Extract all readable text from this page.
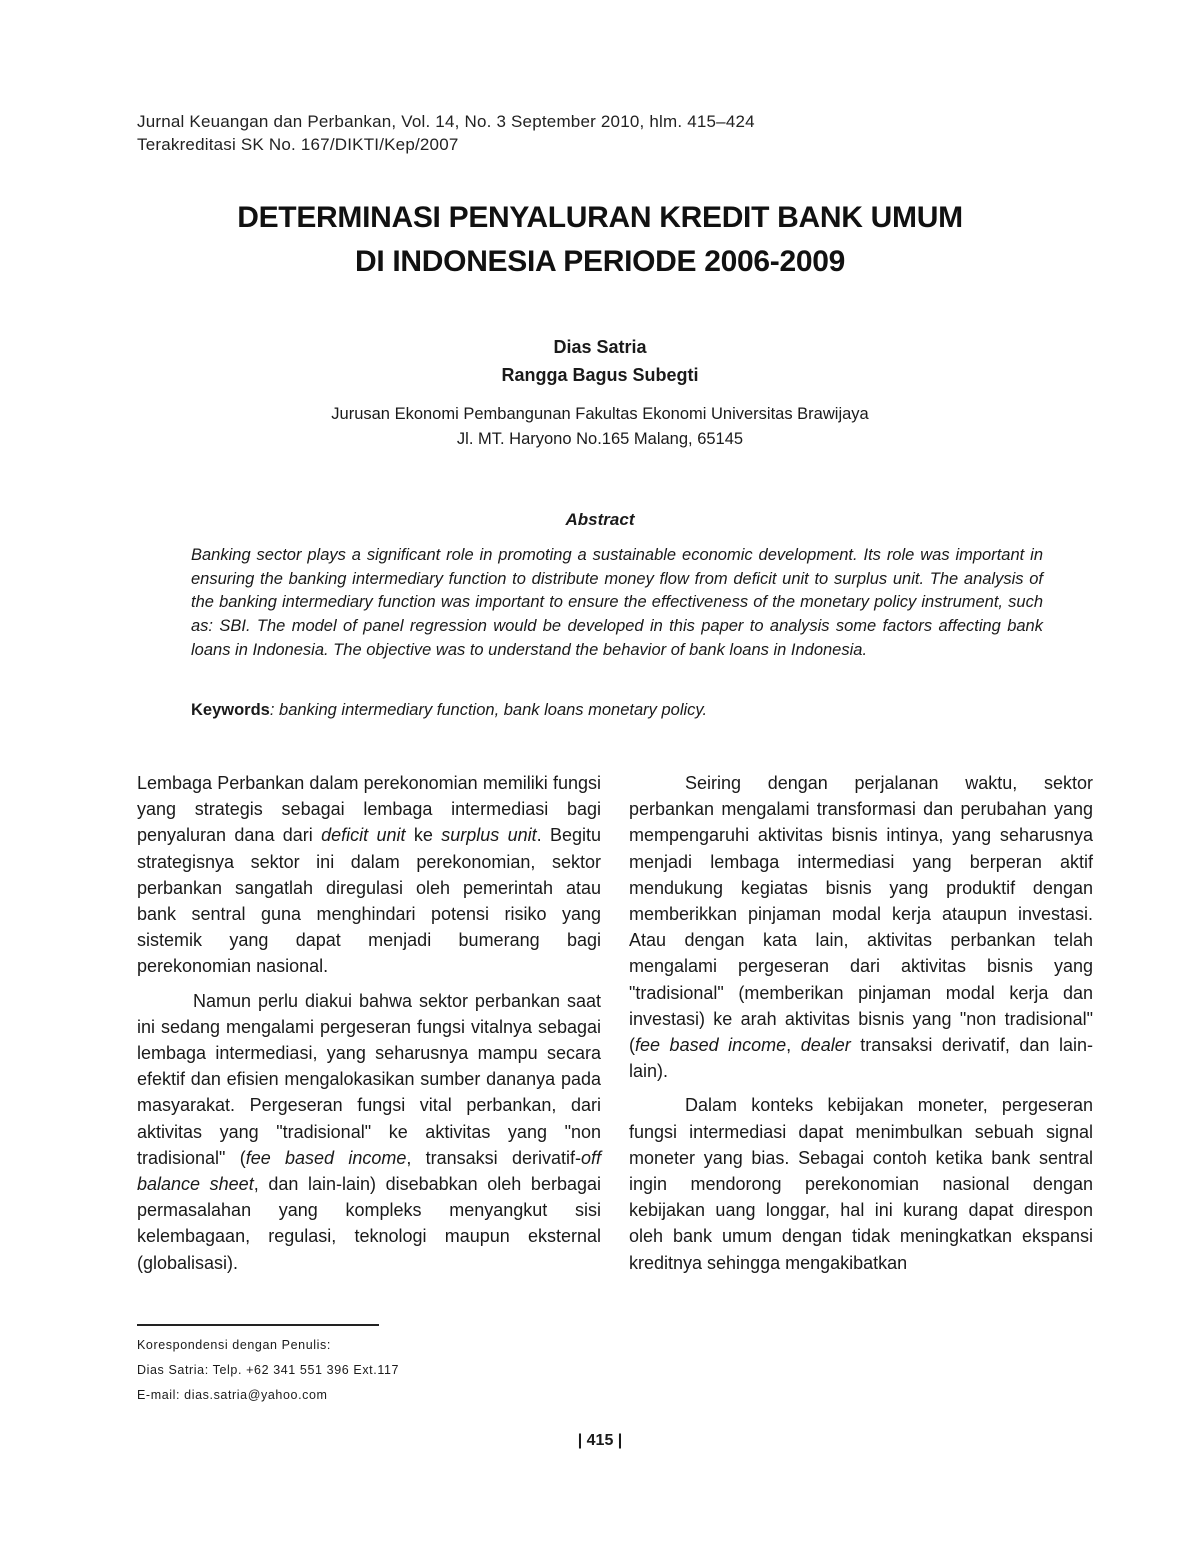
Jurnal Keuangan dan Perbankan, Vol. 14, No. 3 September 2010, hlm. 415–424
Terakreditasi SK No. 167/DIKTI/Kep/2007
DETERMINASI PENYALURAN KREDIT BANK UMUM
DI INDONESIA PERIODE 2006-2009
Dias Satria
Rangga Bagus Subegti
Jurusan Ekonomi Pembangunan Fakultas Ekonomi Universitas Brawijaya
Jl. MT. Haryono No.165 Malang, 65145
Abstract
Banking sector plays a significant role in promoting a sustainable economic development. Its role was important in ensuring the banking intermediary function to distribute money flow from deficit unit to surplus unit. The analysis of the banking intermediary function was important to ensure the effectiveness of the monetary policy instrument, such as: SBI. The model of panel regression would be developed in this paper to analysis some factors affecting bank loans in Indonesia. The objective was to understand the behavior of bank loans in Indonesia.
Keywords: banking intermediary function, bank loans monetary policy.

Lembaga Perbankan dalam perekonomian memiliki fungsi yang strategis sebagai lembaga intermediasi bagi penyaluran dana dari deficit unit ke surplus unit. Begitu strategisnya sektor ini dalam perekonomian, sektor perbankan sangatlah diregulasi oleh pemerintah atau bank sentral guna menghindari potensi risiko yang sistemik yang dapat menjadi bumerang bagi perekonomian nasional.

Namun perlu diakui bahwa sektor perbankan saat ini sedang mengalami pergeseran fungsi vitalnya sebagai lembaga intermediasi, yang seharusnya mampu secara efektif dan efisien mengalokasikan sumber dananya pada masyarakat. Pergeseran fungsi vital perbankan, dari aktivitas yang "tradisional" ke aktivitas yang "non tradisional" (fee based income, transaksi derivatif-off balance sheet, dan lain-lain) disebabkan oleh berbagai permasalahan yang kompleks menyangkut sisi kelembagaan, regulasi, teknologi maupun eksternal (globalisasi).

Seiring dengan perjalanan waktu, sektor perbankan mengalami transformasi dan perubahan yang mempengaruhi aktivitas bisnis intinya, yang seharusnya menjadi lembaga intermediasi yang berperan aktif mendukung kegiatas bisnis yang produktif dengan memberikkan pinjaman modal kerja ataupun investasi. Atau dengan kata lain, aktivitas perbankan telah mengalami pergeseran dari aktivitas bisnis yang "tradisional" (memberikan pinjaman modal kerja dan investasi) ke arah aktivitas bisnis yang "non tradisional" (fee based income, dealer transaksi derivatif, dan lain-lain).

Dalam konteks kebijakan moneter, pergeseran fungsi intermediasi dapat menimbulkan sebuah signal moneter yang bias. Sebagai contoh ketika bank sentral ingin mendorong perekonomian nasional dengan kebijakan uang longgar, hal ini kurang dapat direspon oleh bank umum dengan tidak meningkatkan ekspansi kreditnya sehingga mengakibatkan

Korespondensi dengan Penulis:
Dias Satria: Telp. +62 341 551 396 Ext.117
E-mail: dias.satria@yahoo.com
| 415 |
